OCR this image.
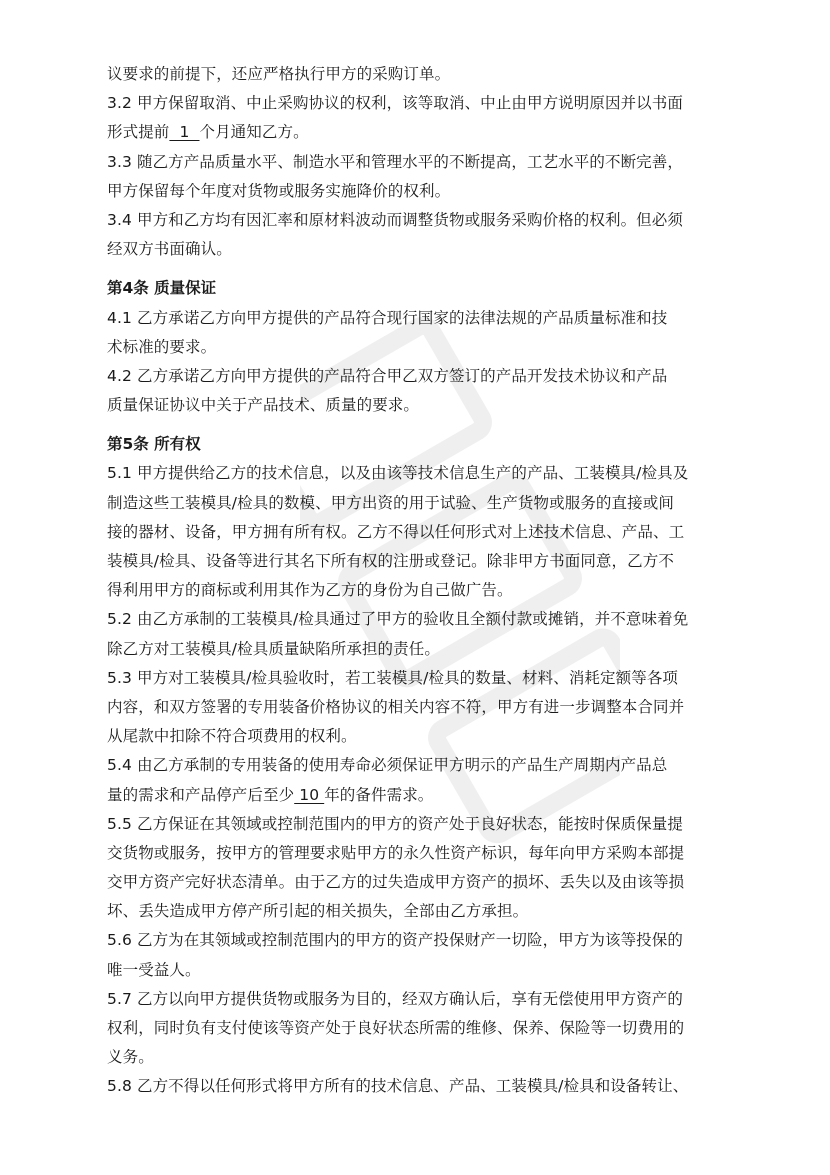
议要求的前提下，还应严格执行甲方的采购订单。
3.2 甲方保留取消、中止采购协议的权利，该等取消、中止由甲方说明原因并以书面
形式提前  1  个月通知乙方。
3.3 随乙方产品质量水平、制造水平和管理水平的不断提高，工艺水平的不断完善，
甲方保留每个年度对货物或服务实施降价的权利。
3.4 甲方和乙方均有因汇率和原材料波动而调整货物或服务采购价格的权利。但必须
经双方书面确认。
第4条 质量保证
4.1 乙方承诺乙方向甲方提供的产品符合现行国家的法律法规的产品质量标准和技
术标准的要求。
4.2 乙方承诺乙方向甲方提供的产品符合甲乙双方签订的产品开发技术协议和产品
质量保证协议中关于产品技术、质量的要求。
第5条 所有权
5.1 甲方提供给乙方的技术信息，以及由该等技术信息生产的产品、工装模具/检具及
制造这些工装模具/检具的数模、甲方出资的用于试验、生产货物或服务的直接或间
接的器材、设备，甲方拥有所有权。乙方不得以任何形式对上述技术信息、产品、工
装模具/检具、设备等进行其名下所有权的注册或登记。除非甲方书面同意，乙方不
得利用甲方的商标或利用其作为乙方的身份为自己做广告。
5.2 由乙方承制的工装模具/检具通过了甲方的验收且全额付款或摊销，并不意味着免
除乙方对工装模具/检具质量缺陷所承担的责任。
5.3 甲方对工装模具/检具验收时，若工装模具/检具的数量、材料、消耗定额等各项
内容，和双方签署的专用装备价格协议的相关内容不符，甲方有进一步调整本合同并
从尾款中扣除不符合项费用的权利。
5.4 由乙方承制的专用装备的使用寿命必须保证甲方明示的产品生产周期内产品总
量的需求和产品停产后至少 10 年的备件需求。
5.5 乙方保证在其领域或控制范围内的甲方的资产处于良好状态，能按时保质保量提
交货物或服务，按甲方的管理要求贴甲方的永久性资产标识，每年向甲方采购本部提
交甲方资产完好状态清单。由于乙方的过失造成甲方资产的损坏、丢失以及由该等损
坏、丢失造成甲方停产所引起的相关损失，全部由乙方承担。
5.6 乙方为在其领域或控制范围内的甲方的资产投保财产一切险，甲方为该等投保的
唯一受益人。
5.7 乙方以向甲方提供货物或服务为目的，经双方确认后，享有无偿使用甲方资产的
权利，同时负有支付使该等资产处于良好状态所需的维修、保养、保险等一切费用的
义务。
5.8 乙方不得以任何形式将甲方所有的技术信息、产品、工装模具/检具和设备转让、
